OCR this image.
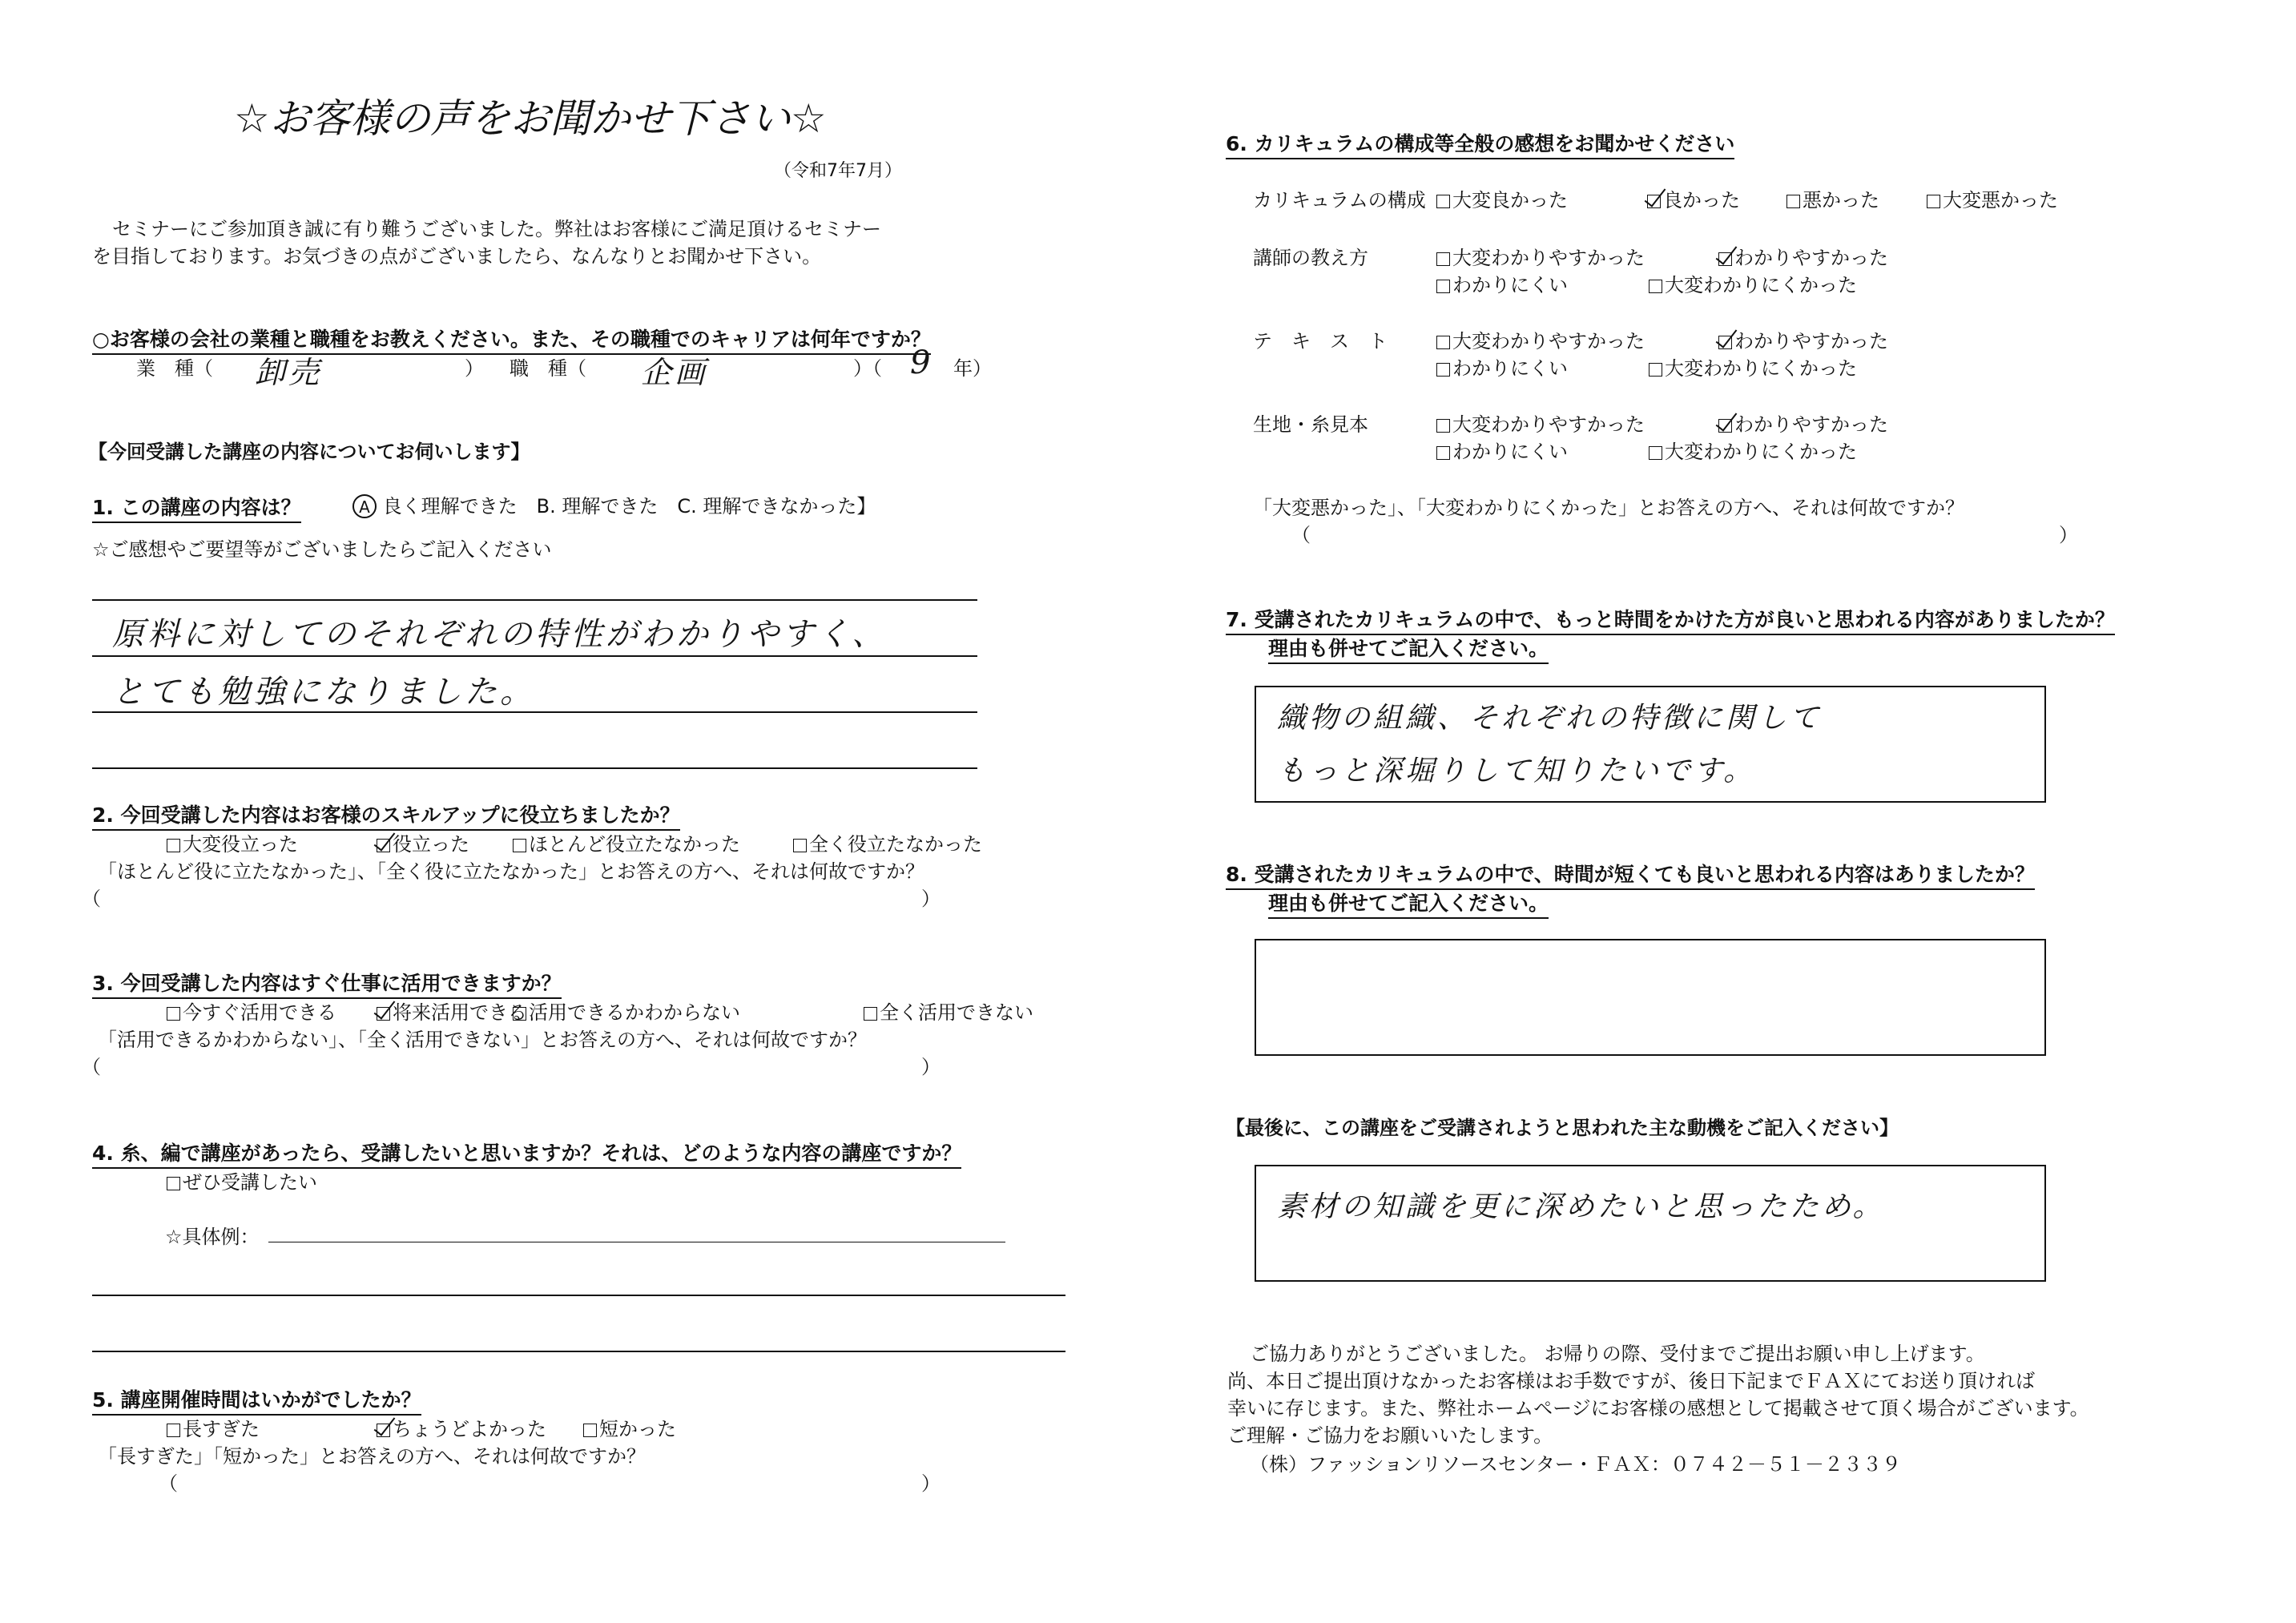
☆お客様の声をお聞かせ下さい☆
（令和7年7月）
セミナーにご参加頂き誠に有り難うございました。弊社はお客様にご満足頂けるセミナー
を目指しております。お気づきの点がございましたら、なんなりとお聞かせ下さい。
○お客様の会社の業種と職種をお教えください。また、その職種でのキャリアは何年ですか？
業　種（ 卸売	） 職　種（ 企画	）（ 9 年）
【今回受講した講座の内容についてお伺いします】
1. この講座の内容は？	A 良く理解できた　B. 理解できた　C. 理解できなかった】
☆ご感想やご要望等がございましたらご記入ください
原料に対してのそれぞれの特性がわかりやすく、
とても勉強になりました。
2. 今回受講した内容はお客様のスキルアップに役立ちましたか？
大変役立った	役立った	ほとんど役立たなかった	全く役立たなかった
「ほとんど役に立たなかった」、「全く役に立たなかった」とお答えの方へ、それは何故ですか？
（	）
3. 今回受講した内容はすぐ仕事に活用できますか？
今すぐ活用できる	将来活用できる 活用できるかわからない	全く活用できない
「活用できるかわからない」、「全く活用できない」とお答えの方へ、それは何故ですか？
（	）
4. 糸、編で講座があったら、受講したいと思いますか？それは、どのような内容の講座ですか？
ぜひ受講したい
☆具体例：
5. 講座開催時間はいかがでしたか？
長すぎた	ちょうどよかった	短かった
「長すぎた」「短かった」とお答えの方へ、それは何故ですか？
（	）
6. カリキュラムの構成等全般の感想をお聞かせください
カリキュラムの構成	大変良かった	良かった	悪かった	大変悪かった
講師の教え方	大変わかりやすかった	わかりやすかった
わかりにくい	大変わかりにくかった
テ　キ　ス　ト	大変わかりやすかった	わかりやすかった
わかりにくい	大変わかりにくかった
生地・糸見本	大変わかりやすかった	わかりやすかった
わかりにくい	大変わかりにくかった
「大変悪かった」、「大変わかりにくかった」とお答えの方へ、それは何故ですか？
（	）
7. 受講されたカリキュラムの中で、もっと時間をかけた方が良いと思われる内容がありましたか？
理由も併せてご記入ください。
織物の組織、それぞれの特徴に関して
もっと深堀りして知りたいです。
8. 受講されたカリキュラムの中で、時間が短くても良いと思われる内容はありましたか？
理由も併せてご記入ください。
【最後に、この講座をご受講されようと思われた主な動機をご記入ください】
素材の知識を更に深めたいと思ったため。
ご協力ありがとうございました。 お帰りの際、受付までご提出お願い申し上げます。
尚、本日ご提出頂けなかったお客様はお手数ですが、後日下記までＦＡＸにてお送り頂ければ
幸いに存じます。また、弊社ホームページにお客様の感想として掲載させて頂く場合がございます。
ご理解・ご協力をお願いいたします。
（株）ファッションリソースセンター・ＦＡＸ：０７４２－５１－２３３９
